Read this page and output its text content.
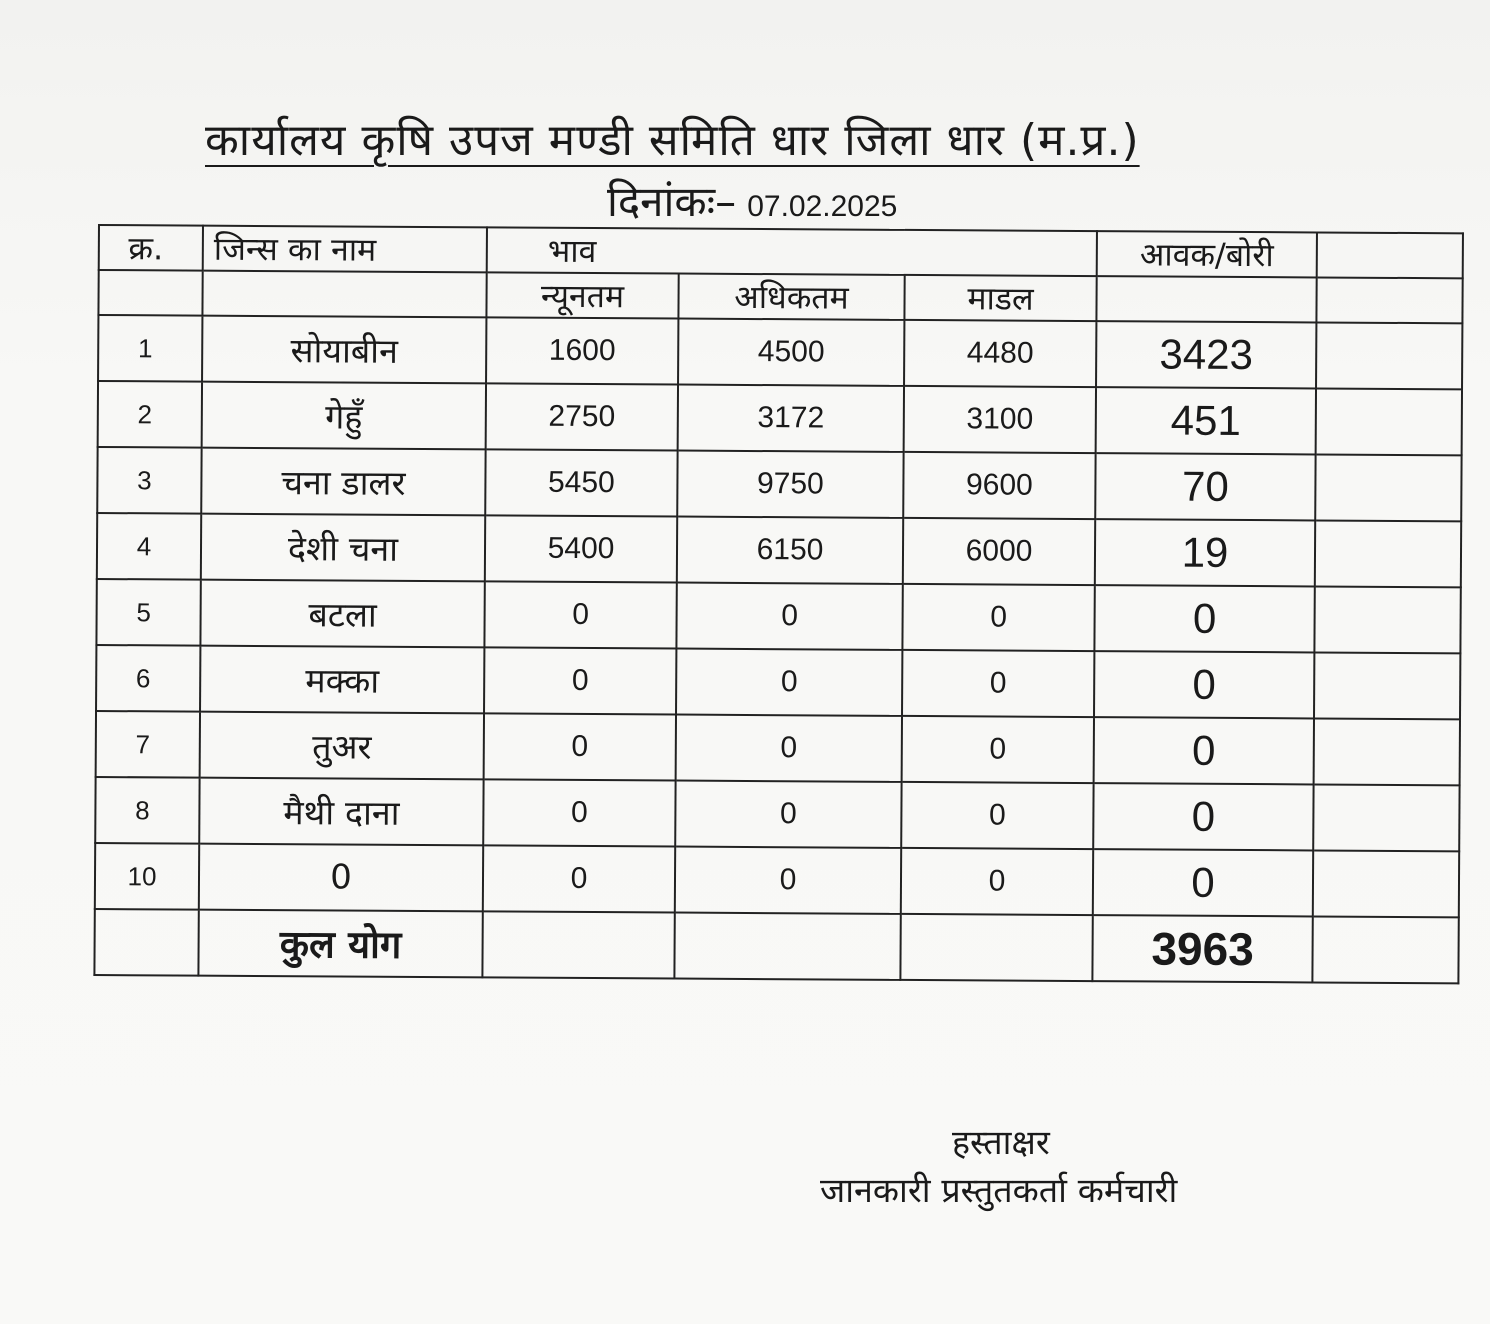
कार्यालय कृषि उपज मण्डी समिति धार जिला धार (म.प्र.)
दिनांकः– 07.02.2025
क्र.	जिन्स का नाम	भाव			आवक/बोरी	
		न्यूनतम	अधिकतम	माडल		
1	सोयाबीन	1600	4500	4480	3423	
2	गेहुँ	2750	3172	3100	451	
3	चना डालर	5450	9750	9600	70	
4	देशी चना	5400	6150	6000	19	
5	बटला	0	0	0	0	
6	मक्का	0	0	0	0	
7	तुअर	0	0	0	0	
8	मैथी दाना	0	0	0	0	
10	0	0	0	0	0	
	कुल योग				3963	
हस्ताक्षर
जानकारी प्रस्तुतकर्ता कर्मचारी
